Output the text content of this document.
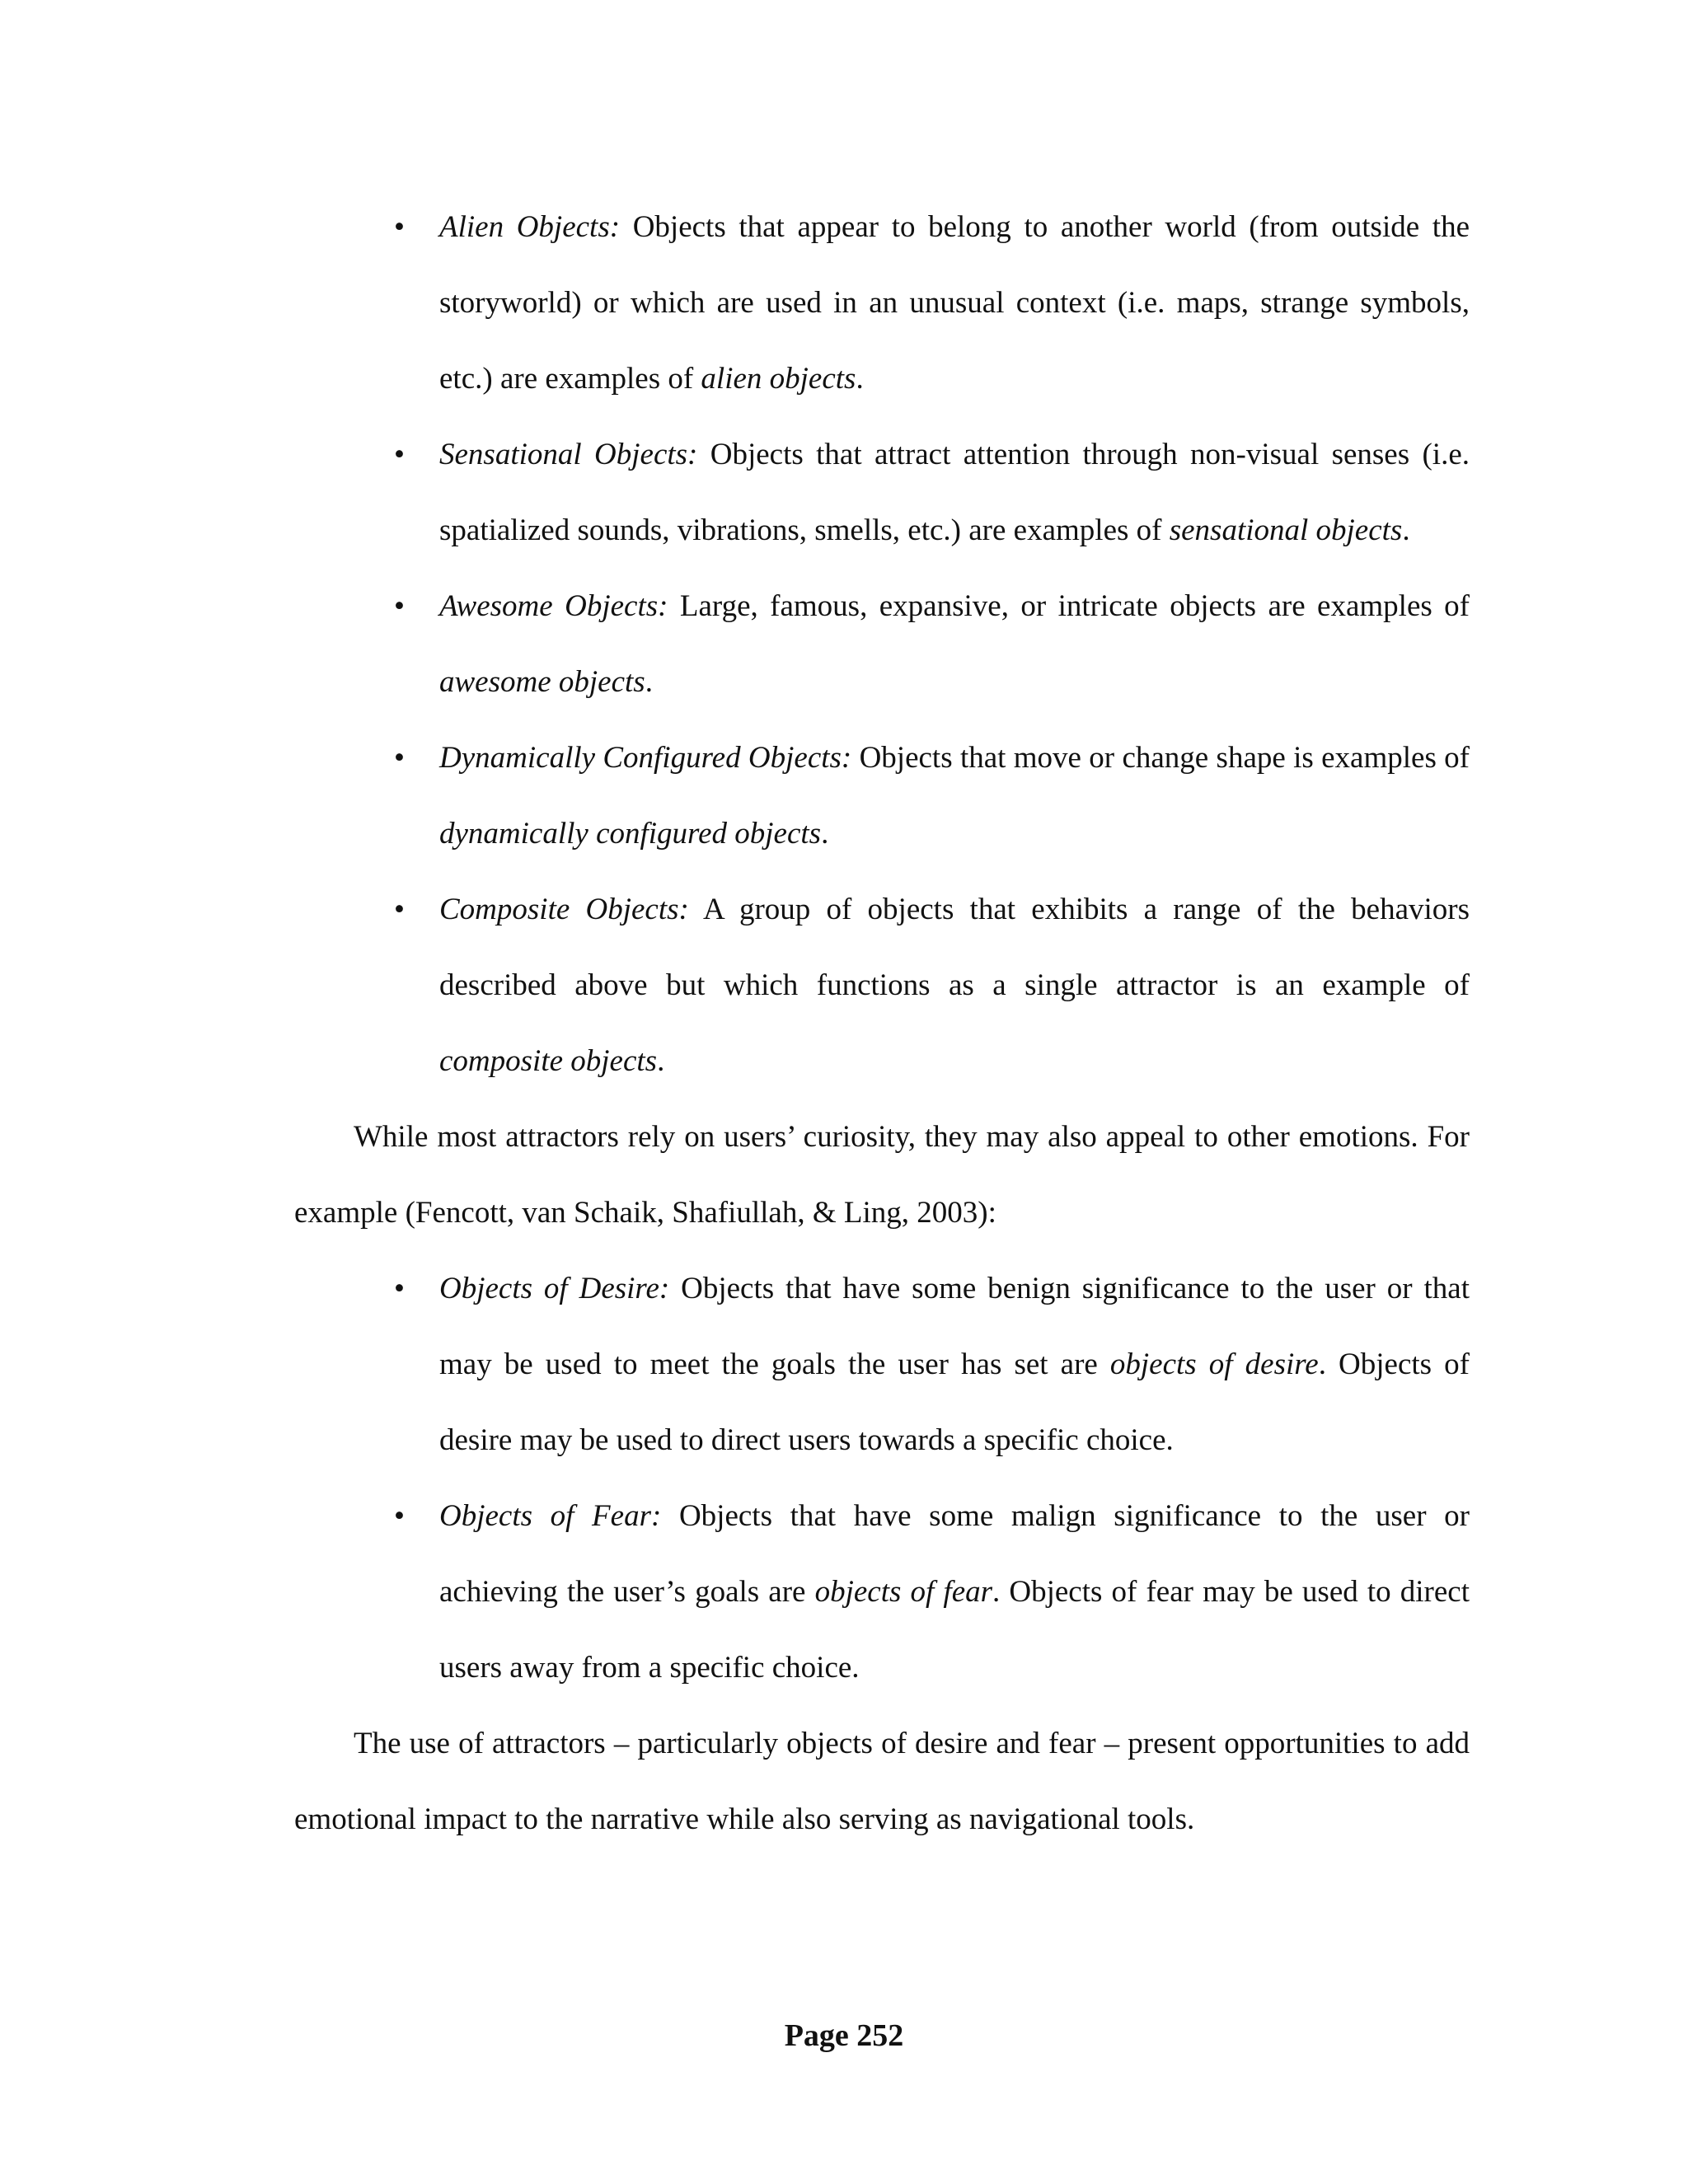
• Alien Objects: Objects that appear to belong to another world (from outside the storyworld) or which are used in an unusual context (i.e. maps, strange symbols, etc.) are examples of alien objects.
• Sensational Objects: Objects that attract attention through non-visual senses (i.e. spatialized sounds, vibrations, smells, etc.) are examples of sensational objects.
• Awesome Objects: Large, famous, expansive, or intricate objects are examples of awesome objects.
• Dynamically Configured Objects: Objects that move or change shape is examples of dynamically configured objects.
• Composite Objects: A group of objects that exhibits a range of the behaviors described above but which functions as a single attractor is an example of composite objects.

While most attractors rely on users’ curiosity, they may also appeal to other emotions. For example (Fencott, van Schaik, Shafiullah, & Ling, 2003):

• Objects of Desire: Objects that have some benign significance to the user or that may be used to meet the goals the user has set are objects of desire. Objects of desire may be used to direct users towards a specific choice.
• Objects of Fear: Objects that have some malign significance to the user or achieving the user’s goals are objects of fear. Objects of fear may be used to direct users away from a specific choice.

The use of attractors – particularly objects of desire and fear – present opportunities to add emotional impact to the narrative while also serving as navigational tools.

Page 252
